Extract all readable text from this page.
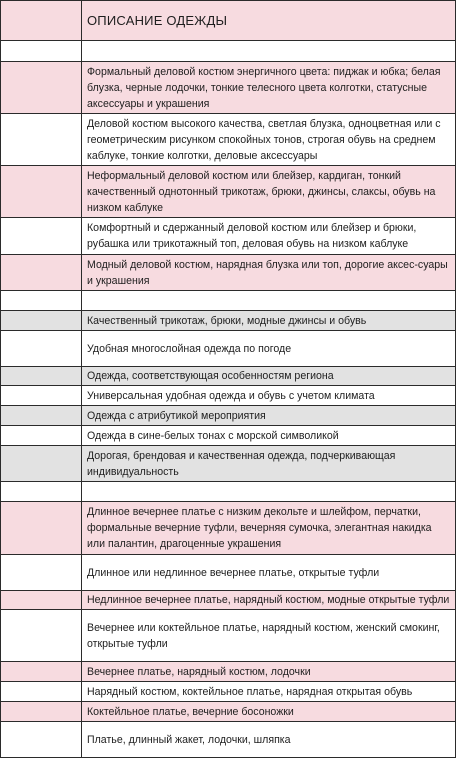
	ОПИСАНИЕ ОДЕЖДЫ

	Формальный деловой костюм энергичного цвета: пиджак и юбка; белая блузка, черные лодочки, тонкие телесного цвета колготки, статусные аксессуары и украшения
	Деловой костюм высокого качества, светлая блузка, одноцветная или с геометрическим рисунком спокойных тонов, строгая обувь на среднем каблуке, тонкие колготки, деловые аксессуары
	Неформальный деловой костюм или блейзер, кардиган, тонкий качественный однотонный трикотаж, брюки, джинсы, слаксы, обувь на низком каблуке
	Комфортный и сдержанный деловой костюм или блейзер и брюки, рубашка или трикотажный топ, деловая обувь на низком каблуке
	Модный деловой костюм, нарядная блузка или топ, дорогие аксес-суары и украшения

	Качественный трикотаж, брюки, модные джинсы и обувь
	Удобная многослойная одежда по погоде
	Одежда, соответствующая особенностям региона
	Универсальная удобная одежда и обувь с учетом климата
	Одежда с атрибутикой мероприятия
	Одежда в сине-белых тонах с морской символикой
	Дорогая, брендовая и качественная одежда, подчеркивающая индивидуальность

	Длинное вечернее платье с низким декольте и шлейфом, перчатки, формальные вечерние туфли, вечерняя сумочка, элегантная накидка или палантин, драгоценные украшения
	Длинное или недлинное вечернее платье, открытые туфли
	Недлинное вечернее платье, нарядный костюм, модные открытые туфли
	Вечернее или коктейльное платье, нарядный костюм, женский смокинг, открытые туфли
	Вечернее платье, нарядный костюм, лодочки
	Нарядный костюм, коктейльное платье, нарядная открытая обувь
	Коктейльное платье, вечерние босоножки
	Платье, длинный жакет, лодочки, шляпка
